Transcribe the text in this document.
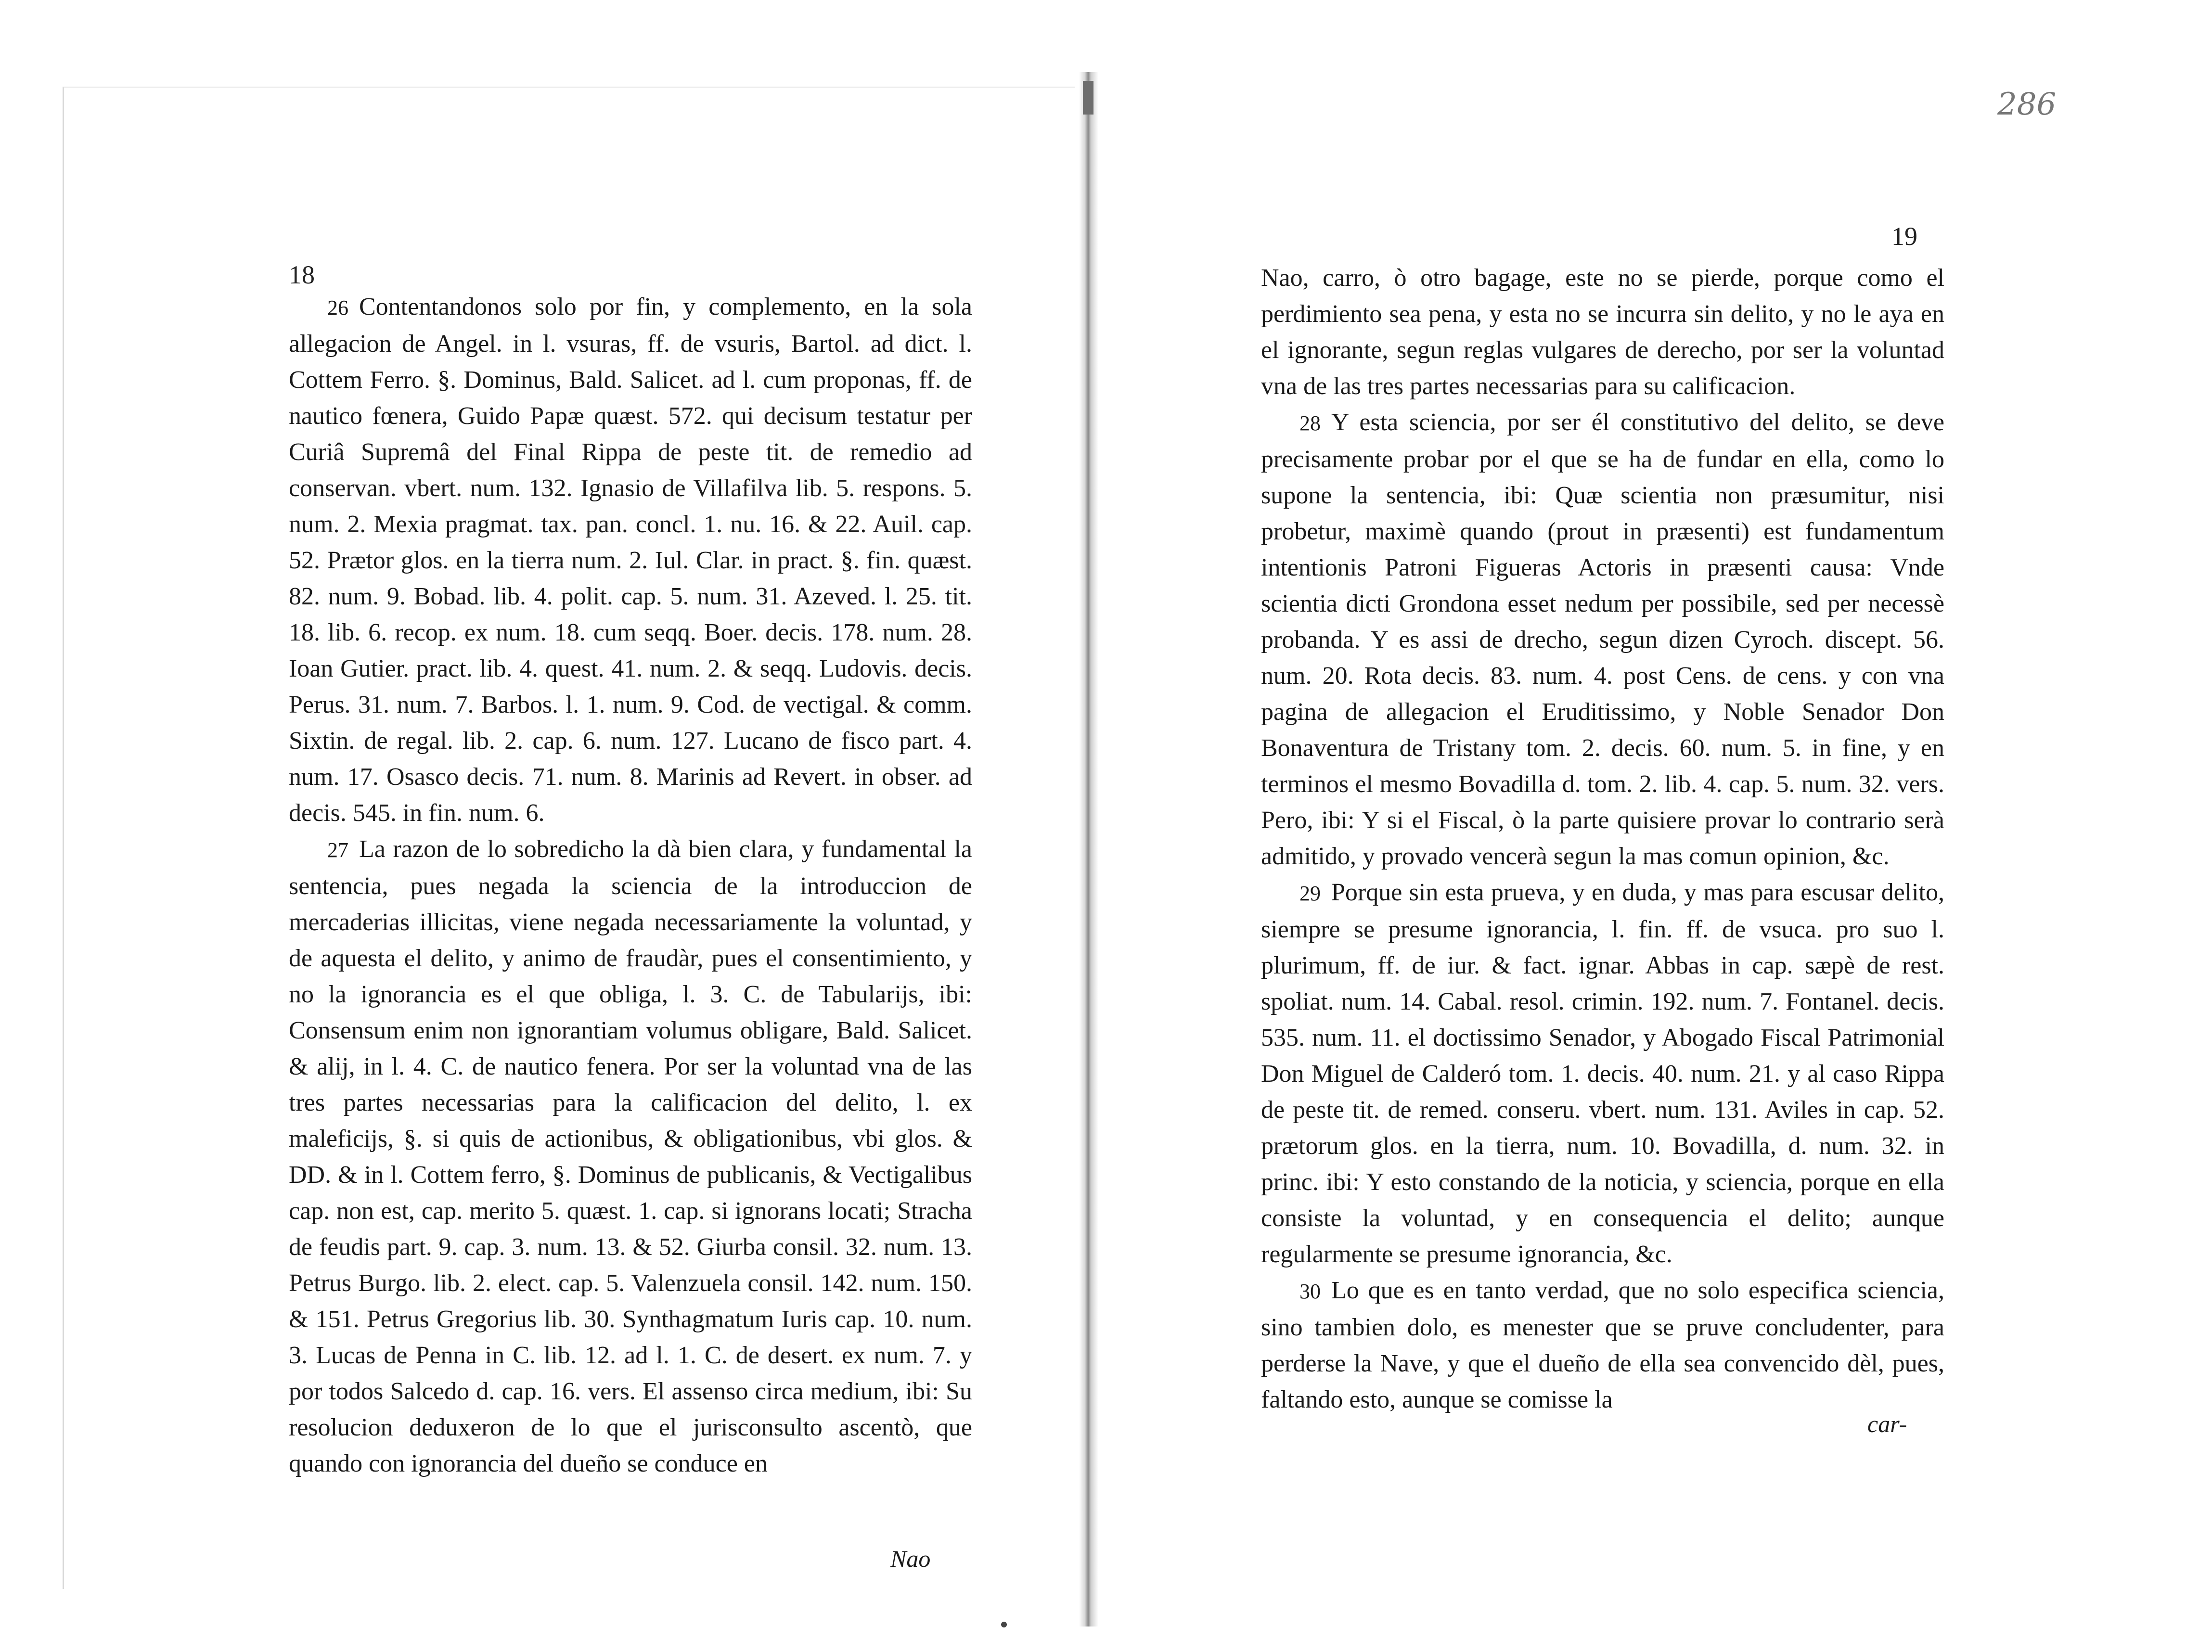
286
18

26 Contentandonos solo por fin, y complemento, en la sola allegacion de Angel. in l. vsuras, ff. de vsuris, Bartol. ad dict. l. Cottem Ferro. §. Dominus, Bald. Salicet. ad l. cum proponas, ff. de nautico fœnera, Guido Papæ quæst. 572. qui decisum testatur per Curiâ Supremâ del Final Rippa de peste tit. de remedio ad conservan. vbert. num. 132. Ignasio de Villafilva lib. 5. respons. 5. num. 2. Mexia pragmat. tax. pan. concl. 1. nu. 16. & 22. Auil. cap. 52. Prætor glos. en la tierra num. 2. Iul. Clar. in pract. §. fin. quæst. 82. num. 9. Bobad. lib. 4. polit. cap. 5. num. 31. Azeved. l. 25. tit. 18. lib. 6. recop. ex num. 18. cum seqq. Boer. decis. 178. num. 28. Ioan Gutier. pract. lib. 4. quest. 41. num. 2. & seqq. Ludovis. decis. Perus. 31. num. 7. Barbos. l. 1. num. 9. Cod. de vectigal. & comm. Sixtin. de regal. lib. 2. cap. 6. num. 127. Lucano de fisco part. 4. num. 17. Osasco decis. 71. num. 8. Marinis ad Revert. in obser. ad decis. 545. in fin. num. 6.

27 La razon de lo sobredicho la dà bien clara, y fundamental la sentencia, pues negada la sciencia de la introduccion de mercaderias illicitas, viene negada necessariamente la voluntad, y de aquesta el delito, y animo de fraudàr, pues el consentimiento, y no la ignorancia es el que obliga, l. 3. C. de Tabularijs, ibi: Consensum enim non ignorantiam volumus obligare, Bald. Salicet. & alij, in l. 4. C. de nautico fenera. Por ser la voluntad vna de las tres partes necessarias para la calificacion del delito, l. ex maleficijs, §. si quis de actionibus, & obligationibus, vbi glos. & DD. & in l. Cottem ferro, §. Dominus de publicanis, & Vectigalibus cap. non est, cap. merito 5. quæst. 1. cap. si ignorans locati; Stracha de feudis part. 9. cap. 3. num. 13. & 52. Giurba consil. 32. num. 13. Petrus Burgo. lib. 2. elect. cap. 5. Valenzuela consil. 142. num. 150. & 151. Petrus Gregorius lib. 30. Synthagmatum Iuris cap. 10. num. 3. Lucas de Penna in C. lib. 12. ad l. 1. C. de desert. ex num. 7. y por todos Salcedo d. cap. 16. vers. El assenso circa medium, ibi: Su resolucion deduxeron de lo que el jurisconsulto ascentò, que quando con ignorancia del dueño se conduce en

Nao
19

Nao, carro, ò otro bagage, este no se pierde, porque como el perdimiento sea pena, y esta no se incurra sin delito, y no le aya en el ignorante, segun reglas vulgares de derecho, por ser la voluntad vna de las tres partes necessarias para su calificacion.

28 Y esta sciencia, por ser él constitutivo del delito, se deve precisamente probar por el que se ha de fundar en ella, como lo supone la sentencia, ibi: Quæ scientia non præsumitur, nisi probetur, maximè quando (prout in præsenti) est fundamentum intentionis Patroni Figueras Actoris in præsenti causa: Vnde scientia dicti Grondona esset nedum per possibile, sed per necessè probanda. Y es assi de drecho, segun dizen Cyroch. discept. 56. num. 20. Rota decis. 83. num. 4. post Cens. de cens. y con vna pagina de allegacion el Eruditissimo, y Noble Senador Don Bonaventura de Tristany tom. 2. decis. 60. num. 5. in fine, y en terminos el mesmo Bovadilla d. tom. 2. lib. 4. cap. 5. num. 32. vers. Pero, ibi: Y si el Fiscal, ò la parte quisiere provar lo contrario serà admitido, y provado vencerà segun la mas comun opinion, &c.

29 Porque sin esta prueva, y en duda, y mas para escusar delito, siempre se presume ignorancia, l. fin. ff. de vsuca. pro suo l. plurimum, ff. de iur. & fact. ignar. Abbas in cap. sæpè de rest. spoliat. num. 14. Cabal. resol. crimin. 192. num. 7. Fontanel. decis. 535. num. 11. el doctissimo Senador, y Abogado Fiscal Patrimonial Don Miguel de Calderó tom. 1. decis. 40. num. 21. y al caso Rippa de peste tit. de remed. conseru. vbert. num. 131. Aviles in cap. 52. prætorum glos. en la tierra, num. 10. Bovadilla, d. num. 32. in princ. ibi: Y esto constando de la noticia, y sciencia, porque en ella consiste la voluntad, y en consequencia el delito; aunque regularmente se presume ignorancia, &c.

30 Lo que es en tanto verdad, que no solo especifica sciencia, sino tambien dolo, es menester que se pruve concludenter, para perderse la Nave, y que el dueño de ella sea convencido dèl, pues, faltando esto, aunque se comisse la

car-
